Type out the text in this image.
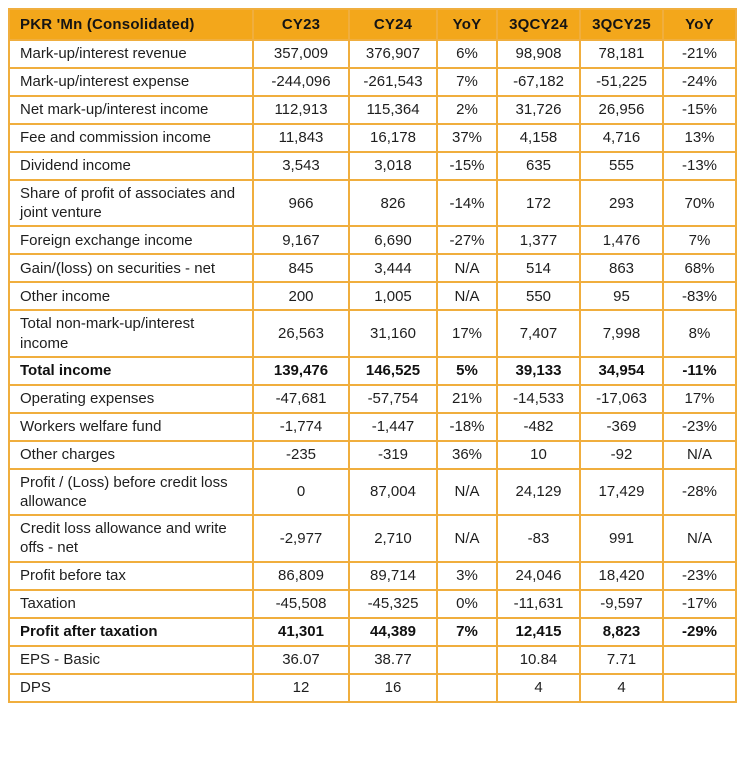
PKR 'Mn (Consolidated)	CY23	CY24	YoY	3QCY24	3QCY25	YoY
Mark-up/interest revenue	357,009	376,907	6%	98,908	78,181	-21%
Mark-up/interest expense	-244,096	-261,543	7%	-67,182	-51,225	-24%
Net mark-up/interest income	112,913	115,364	2%	31,726	26,956	-15%
Fee and commission income	11,843	16,178	37%	4,158	4,716	13%
Dividend income	3,543	3,018	-15%	635	555	-13%
Share of profit of associates and joint venture	966	826	-14%	172	293	70%
Foreign exchange income	9,167	6,690	-27%	1,377	1,476	7%
Gain/(loss) on securities - net	845	3,444	N/A	514	863	68%
Other income	200	1,005	N/A	550	95	-83%
Total non-mark-up/interest income	26,563	31,160	17%	7,407	7,998	8%
Total income	139,476	146,525	5%	39,133	34,954	-11%
Operating expenses	-47,681	-57,754	21%	-14,533	-17,063	17%
Workers welfare fund	-1,774	-1,447	-18%	-482	-369	-23%
Other charges	-235	-319	36%	10	-92	N/A
Profit / (Loss) before credit loss allowance	0	87,004	N/A	24,129	17,429	-28%
Credit loss allowance and write offs - net	-2,977	2,710	N/A	-83	991	N/A
Profit before tax	86,809	89,714	3%	24,046	18,420	-23%
Taxation	-45,508	-45,325	0%	-11,631	-9,597	-17%
Profit after taxation	41,301	44,389	7%	12,415	8,823	-29%
EPS - Basic	36.07	38.77		10.84	7.71	
DPS	12	16		4	4	
